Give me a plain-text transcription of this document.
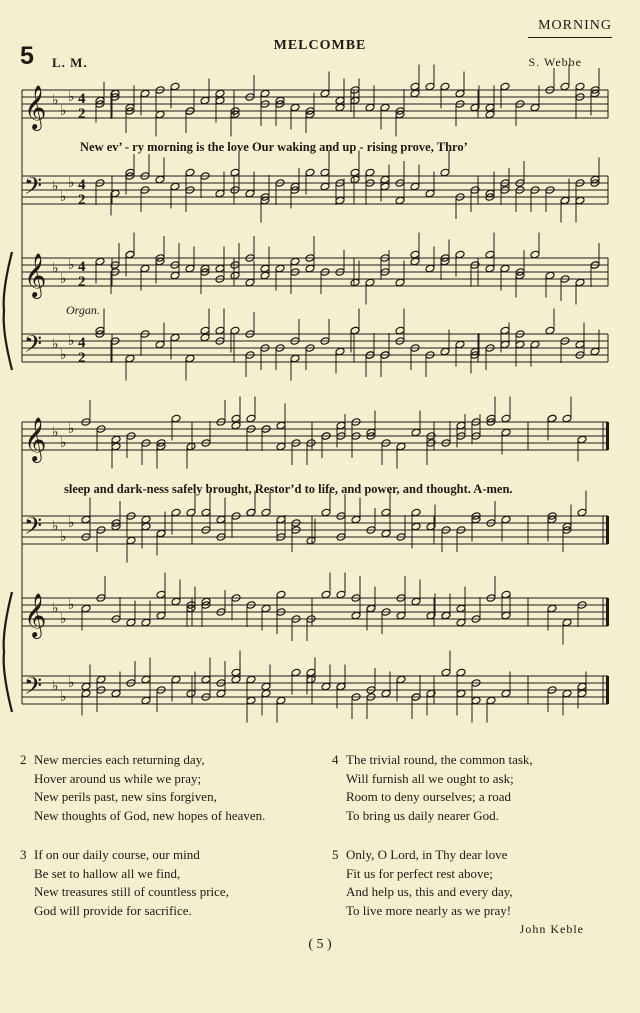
MORNING
5 L. M.
MELCOMBE
S. Webbe
𝄞 ♭
♭
♭ 4
2
𝄢 ♭
♭
♭ 4
2
𝄞 ♭
♭
♭ 4
2
𝄢 ♭
♭
♭ 4
2
𝄞 ♭
♭
♭
𝄢 ♭
♭
♭
𝄞 ♭
♭
♭
𝄢 ♭
♭
♭
New ev’ - ry morning is the love Our waking and up - rising prove, Thro’
Organ.
sleep and dark-ness safely brought, Restor’d to life, and power, and thought. A-men.
2 New mercies each returning day,
Hover around us while we pray;
New perils past, new sins forgiven,
New thoughts of God, new hopes of heaven.
3 If on our daily course, our mind
Be set to hallow all we find,
New treasures still of countless price,
God will provide for sacrifice.
4 The trivial round, the common task,
Will furnish all we ought to ask;
Room to deny ourselves; a road
To bring us daily nearer God.
5 Only, O Lord, in Thy dear love
Fit us for perfect rest above;
And help us, this and every day,
To live more nearly as we pray!
John Keble
( 5 )
